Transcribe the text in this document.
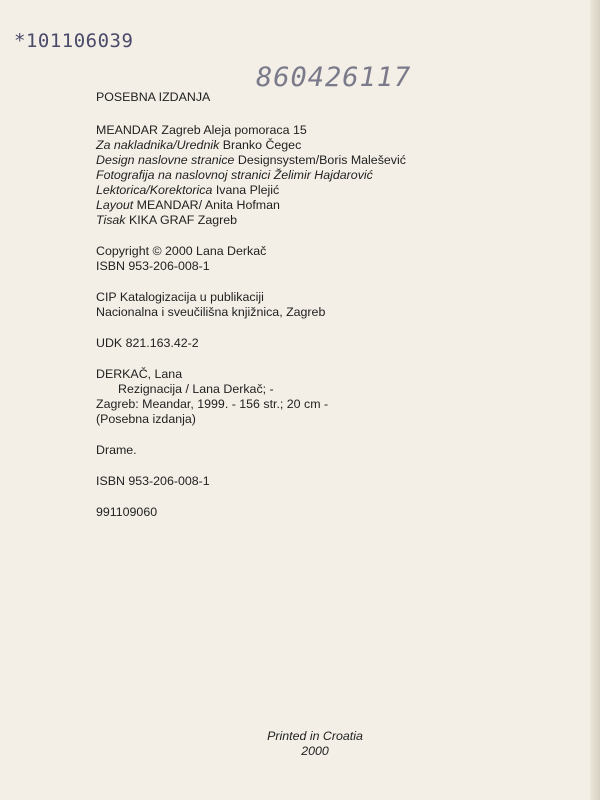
*101106039
860426117
POSEBNA IZDANJA
MEANDAR Zagreb Aleja pomoraca 15
Za nakladnika/Urednik Branko Čegec
Design naslovne stranice Designsystem/Boris Malešević
Fotografija na naslovnoj stranici Želimir Hajdarović
Lektorica/Korektorica Ivana Plejić
Layout MEANDAR/ Anita Hofman
Tisak KIKA GRAF Zagreb
Copyright © 2000 Lana Derkač
ISBN 953-206-008-1
CIP Katalogizacija u publikaciji
Nacionalna i sveučilišna knjižnica, Zagreb
UDK 821.163.42-2
DERKAČ, Lana
Rezignacija / Lana Derkač; -
Zagreb: Meandar, 1999. - 156 str.; 20 cm -
(Posebna izdanja)
Drame.
ISBN 953-206-008-1
991109060
Printed in Croatia
2000
